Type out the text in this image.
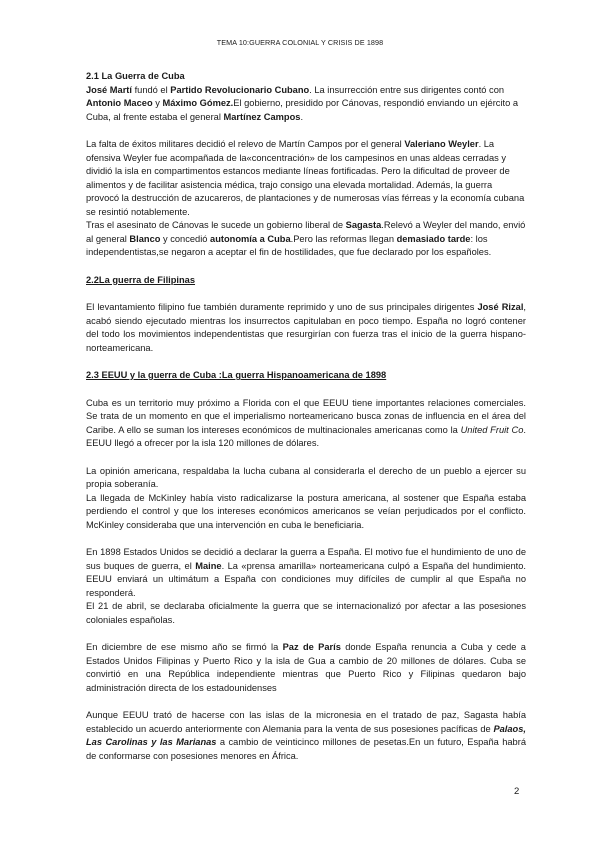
TEMA 10:GUERRA COLONIAL Y CRISIS DE 1898

2.1 La Guerra de Cuba

José Martí fundó el Partido Revolucionario Cubano. La insurrección entre sus dirigentes contó con Antonio Maceo y Máximo Gómez.El gobierno, presidido por Cánovas, respondió enviando un ejército a Cuba, al frente estaba el general Martínez Campos.

La falta de éxitos militares decidió el relevo de Martín Campos por el general Valeriano Weyler. La ofensiva Weyler fue acompañada de la«concentración» de los campesinos en unas aldeas cerradas y dividió la isla en compartimentos estancos mediante líneas fortificadas. Pero la dificultad de proveer de alimentos y de facilitar asistencia médica, trajo consigo una elevada mortalidad. Además, la guerra provocó la destrucción de azucareros, de plantaciones y de numerosas vías férreas y la economía cubana se resintió notablemente.

Tras el asesinato de Cánovas le sucede un gobierno liberal de Sagasta.Relevó a Weyler del mando, envió al general Blanco y concedió autonomía a Cuba.Pero las reformas llegan demasiado tarde: los independentistas,se negaron a aceptar el fin de hostilidades, que fue declarado por los españoles.

2.2La guerra de Filipinas

El levantamiento filipino fue también duramente reprimido y uno de sus principales dirigentes José Rizal, acabó siendo ejecutado mientras los insurrectos capitulaban en poco tiempo. España no logró contener del todo los movimientos independentistas que resurgirían con fuerza tras el inicio de la guerra hispano-norteamericana.

2.3 EEUU y la guerra de Cuba :La guerra Hispanoamericana de 1898

Cuba es un territorio muy próximo a Florida con el que EEUU tiene importantes relaciones comerciales. Se trata de un momento en que el imperialismo norteamericano busca zonas de influencia en el área del Caribe. A ello se suman los intereses económicos de multinacionales americanas como la United Fruit Co. EEUU llegó a ofrecer por la isla 120 millones de dólares.

La opinión americana, respaldaba la lucha cubana al considerarla el derecho de un pueblo a ejercer su propia soberanía.

La llegada de McKinley había visto radicalizarse la postura americana, al sostener que España estaba perdiendo el control y que los intereses económicos americanos se veían perjudicados por el conflicto. McKinley consideraba que una intervención en cuba le beneficiaria.

En 1898 Estados Unidos se decidió a declarar la guerra a España. El motivo fue el hundimiento de uno de sus buques de guerra, el Maine. La «prensa amarilla» norteamericana culpó a España del hundimiento. EEUU enviará un ultimátum a España con condiciones muy difíciles de cumplir al que España no responderá.

El 21 de abril, se declaraba oficialmente la guerra que se internacionalizó por afectar a las posesiones coloniales españolas.

En diciembre de ese mismo año se firmó la Paz de París donde España renuncia a Cuba y cede a Estados Unidos Filipinas y Puerto Rico y la isla de Gua a cambio de 20 millones de dólares. Cuba se convirtió en una República independiente mientras que Puerto Rico y Filipinas quedaron bajo administración directa de los estadounidenses

Aunque EEUU trató de hacerse con las islas de la micronesia en el tratado de paz, Sagasta había establecido un acuerdo anteriormente con Alemania para la venta de sus posesiones pacíficas de Palaos, Las Carolinas y las Marianas a cambio de veinticinco millones de pesetas.En un futuro, España habrá de conformarse con posesiones menores en África.

2
